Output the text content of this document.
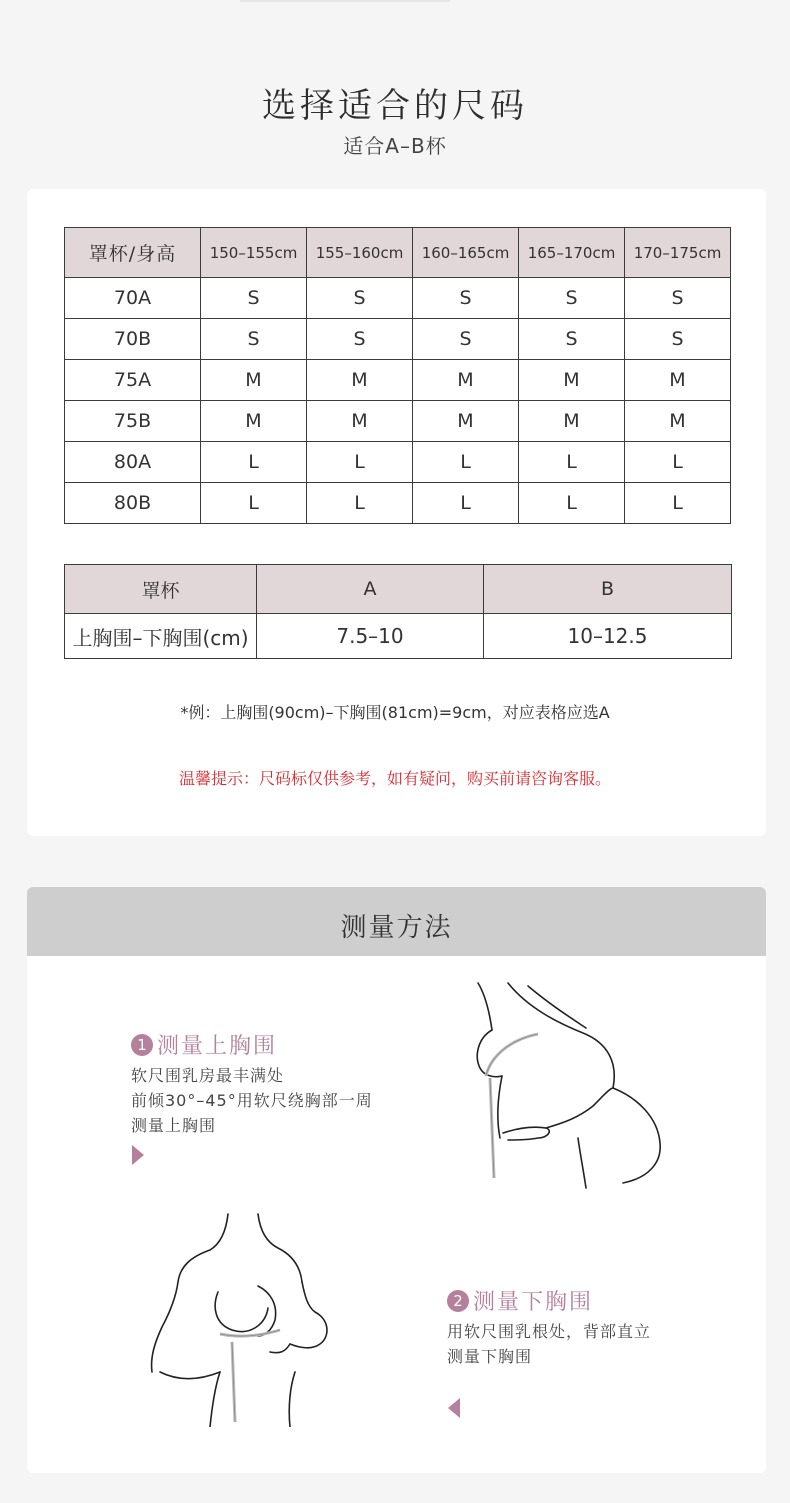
选择适合的尺码
适合A–B杯
罩杯/身高	150–155cm	155–160cm	160–165cm	165–170cm	170–175cm
70A	S	S	S	S	S
70B	S	S	S	S	S
75A	M	M	M	M	M
75B	M	M	M	M	M
80A	L	L	L	L	L
80B	L	L	L	L	L
罩杯	A	B
上胸围–下胸围(cm)	7.5–10	10–12.5
*例：上胸围(90cm)–下胸围(81cm)=9cm，对应表格应选A
温馨提示：尺码标仅供参考，如有疑问，购买前请咨询客服。
测量方法
1 测量上胸围
软尺围乳房最丰满处
前倾30°–45°用软尺绕胸部一周
测量上胸围
2 测量下胸围
用软尺围乳根处，背部直立
测量下胸围
